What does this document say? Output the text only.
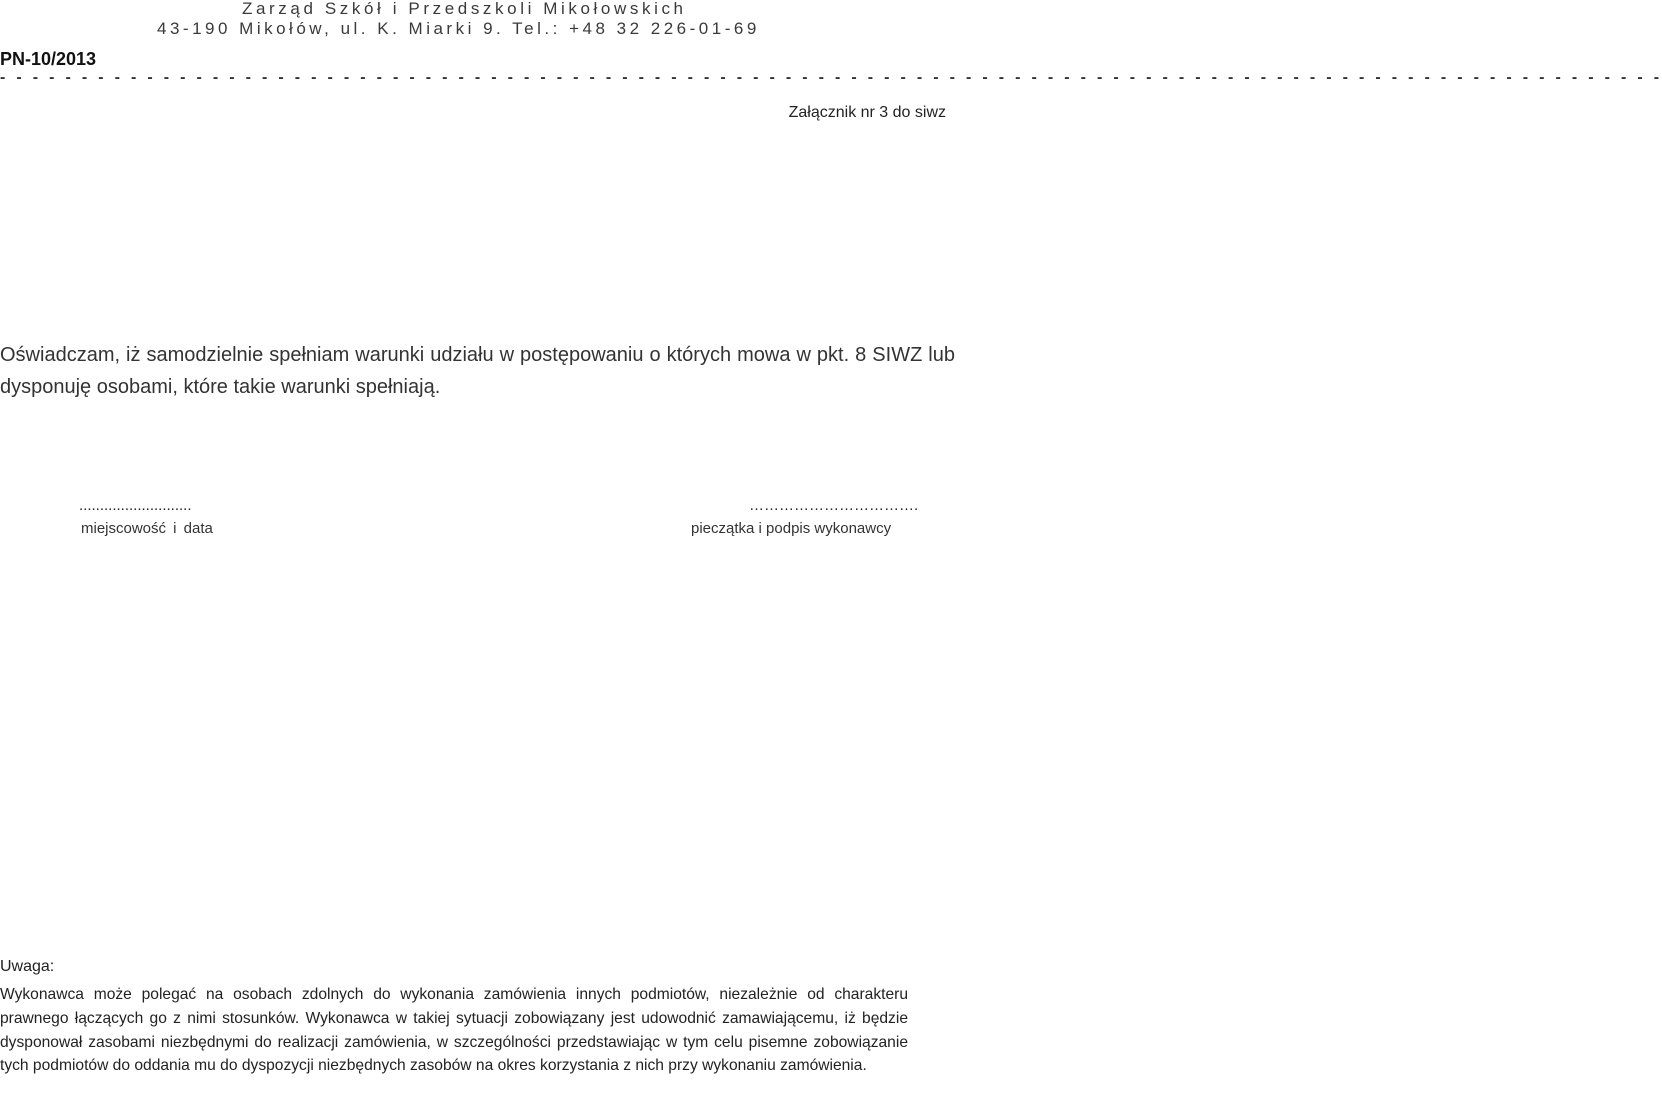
Zarząd Szkół i Przedszkoli Mikołowskich
43-190 Mikołów, ul. K. Miarki 9. Tel.: +48 32 226-01-69
PN-10/2013
- - - - - - - - - - - - - - - - - - - - - - - - - - - - - - - - - - - - - - - - - - - - - - - - - - - - - - - - - - - - - - - - - - - - - - - - - - - - - - - - - - - - - - - - - - - - - - - - - - - - - -
Załącznik nr 3 do siwz
Oświadczam, iż samodzielnie spełniam warunki udziału w postępowaniu o których mowa w pkt. 8 SIWZ lub dysponuję osobami, które takie warunki spełniają.
...........................
miejscowość i data
…………………………….
pieczątka i podpis wykonawcy
Uwaga:
Wykonawca może polegać na osobach zdolnych do wykonania zamówienia innych podmiotów, niezależnie od charakteru prawnego łączących go z nimi stosunków. Wykonawca w takiej sytuacji zobowiązany jest udowodnić zamawiającemu, iż będzie dysponował zasobami niezbędnymi do realizacji zamówienia, w szczególności przedstawiając w tym celu pisemne zobowiązanie tych podmiotów do oddania mu do dyspozycji niezbędnych zasobów na okres korzystania z nich przy wykonaniu zamówienia.
